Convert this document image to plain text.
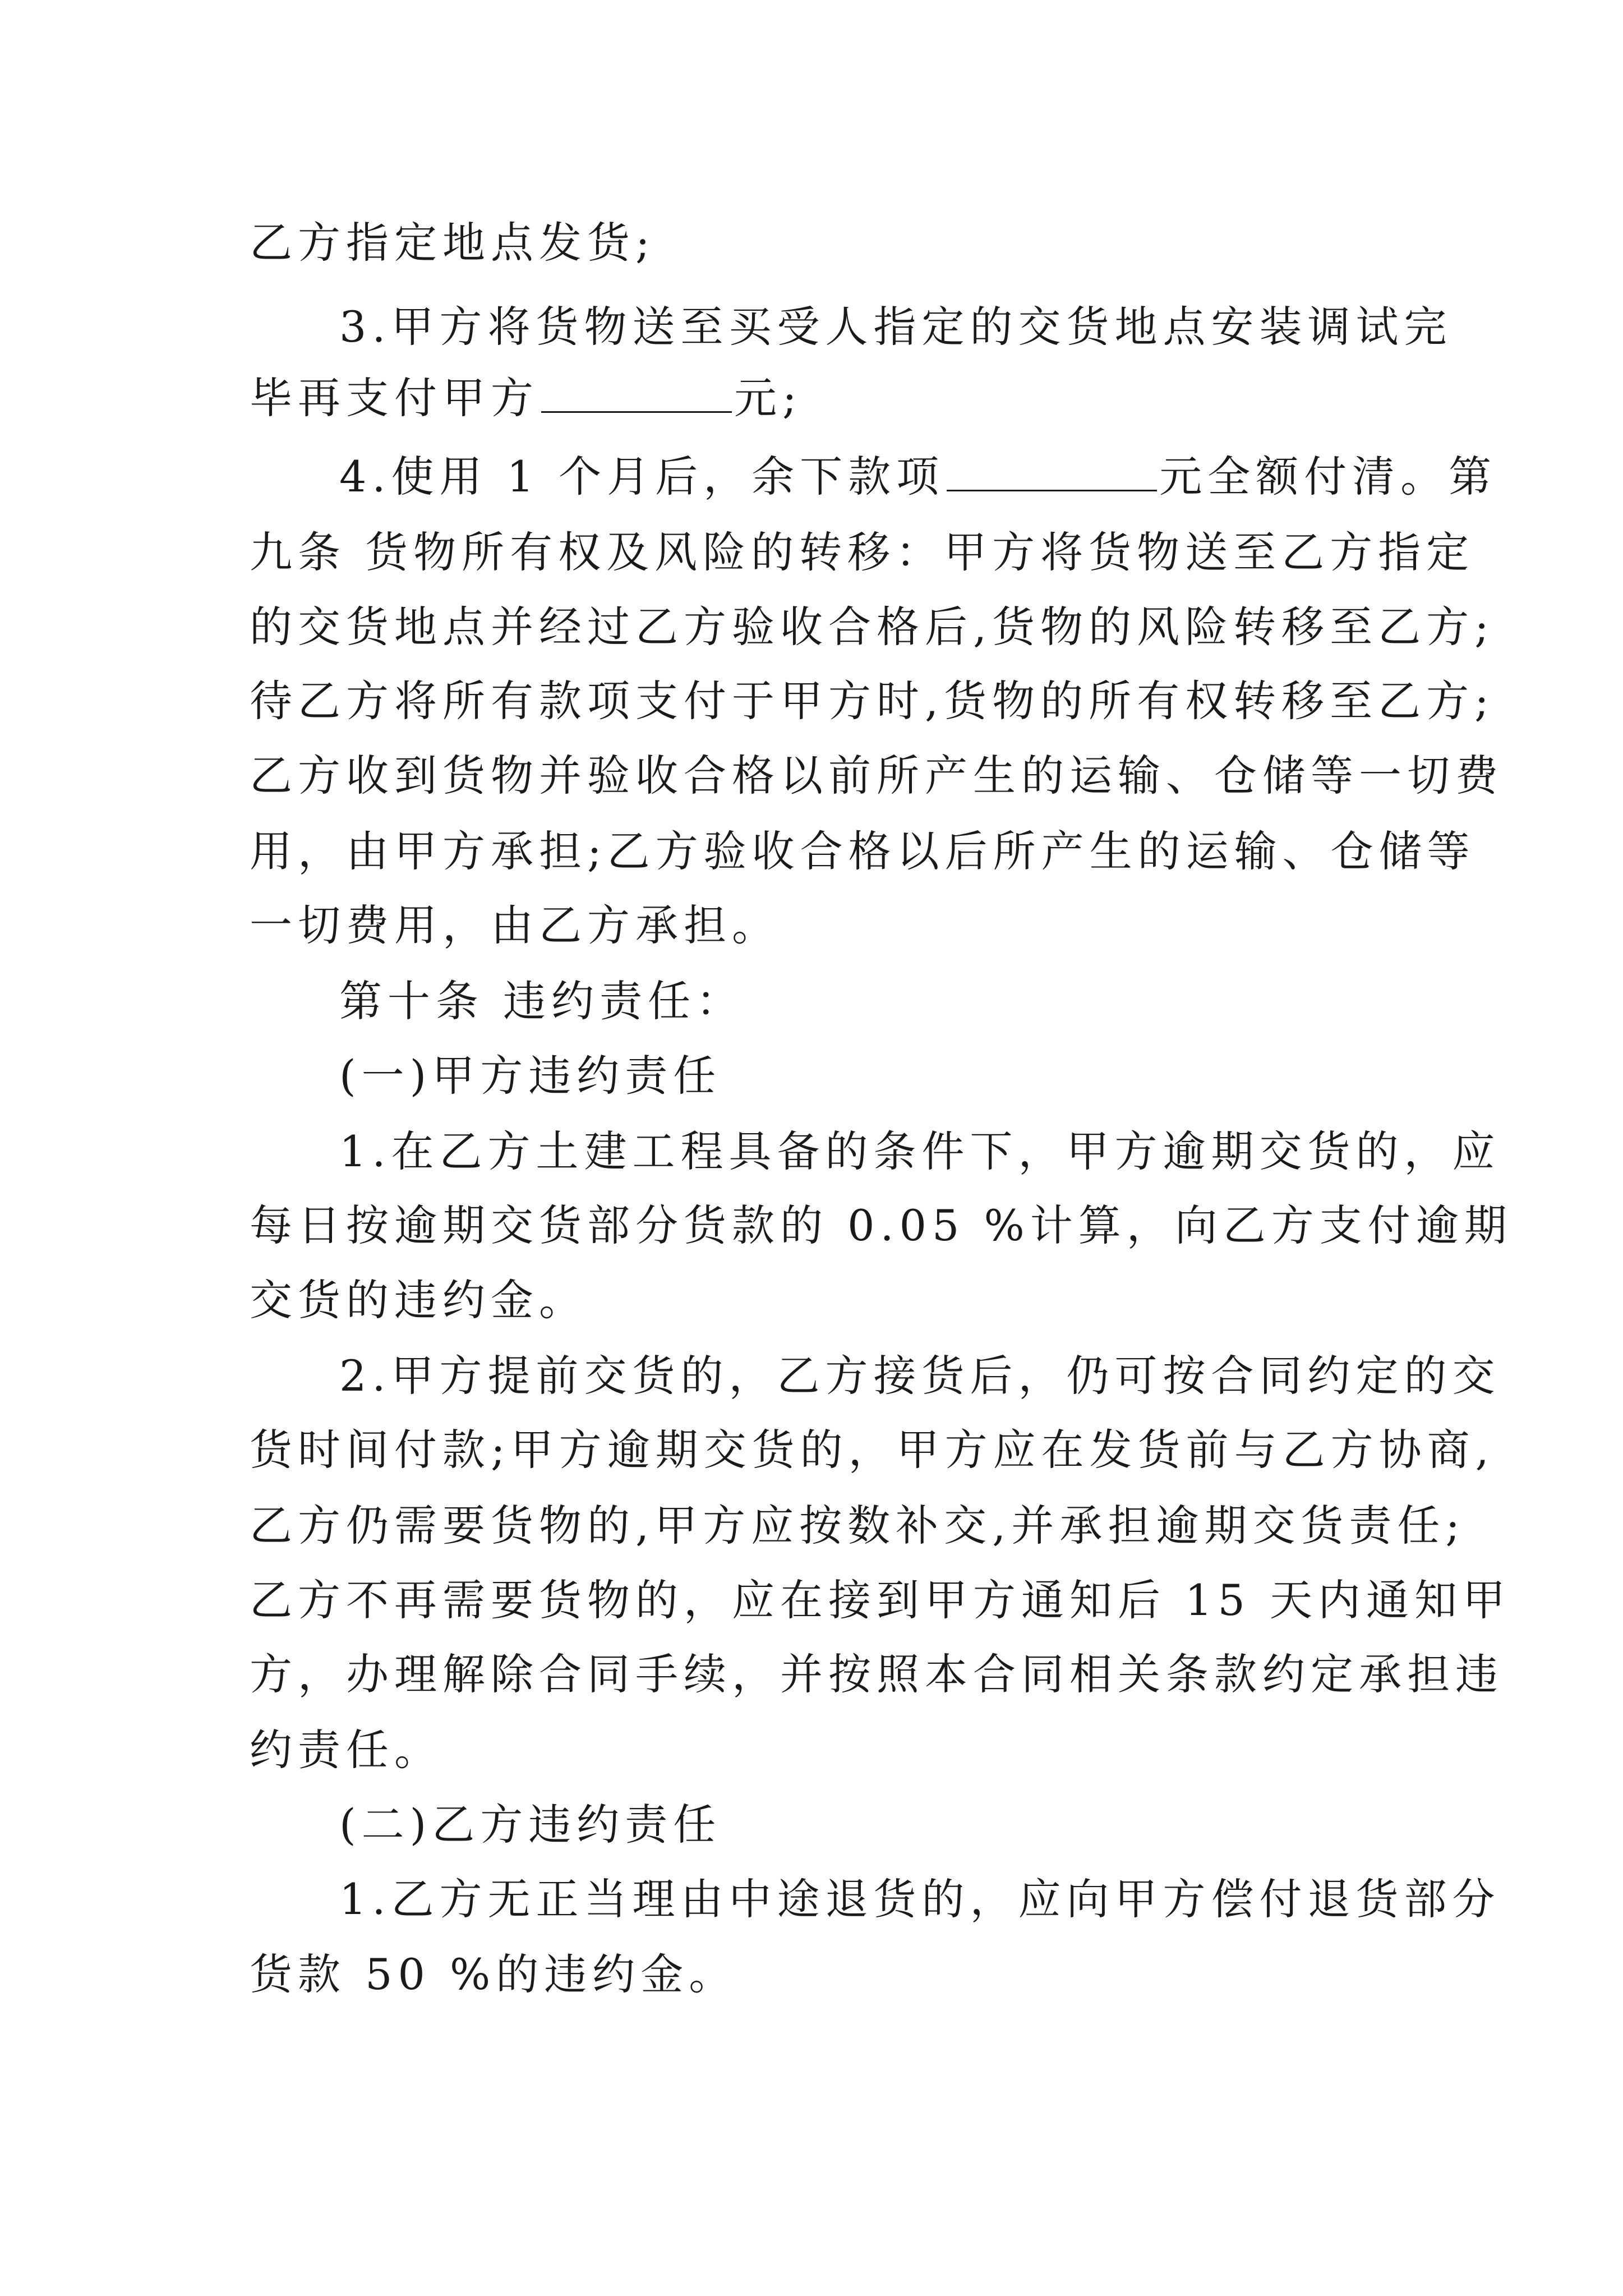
乙方指定地点发货;
3.甲方将货物送至买受人指定的交货地点安装调试完
毕再支付甲方	元;
4.使用 1 个月后，余下款项	元全额付清。第
九条 货物所有权及风险的转移：甲方将货物送至乙方指定
的交货地点并经过乙方验收合格后,货物的风险转移至乙方;
待乙方将所有款项支付于甲方时,货物的所有权转移至乙方;
乙方收到货物并验收合格以前所产生的运输、仓储等一切费
用，由甲方承担;乙方验收合格以后所产生的运输、仓储等
一切费用，由乙方承担。
第十条 违约责任：
(一)甲方违约责任
1.在乙方土建工程具备的条件下，甲方逾期交货的，应
每日按逾期交货部分货款的 0.05 %计算，向乙方支付逾期
交货的违约金。
2.甲方提前交货的，乙方接货后，仍可按合同约定的交
货时间付款;甲方逾期交货的，甲方应在发货前与乙方协商,
乙方仍需要货物的,甲方应按数补交,并承担逾期交货责任;
乙方不再需要货物的，应在接到甲方通知后 15 天内通知甲
方，办理解除合同手续，并按照本合同相关条款约定承担违
约责任。
(二)乙方违约责任
1.乙方无正当理由中途退货的，应向甲方偿付退货部分
货款 50 %的违约金。
